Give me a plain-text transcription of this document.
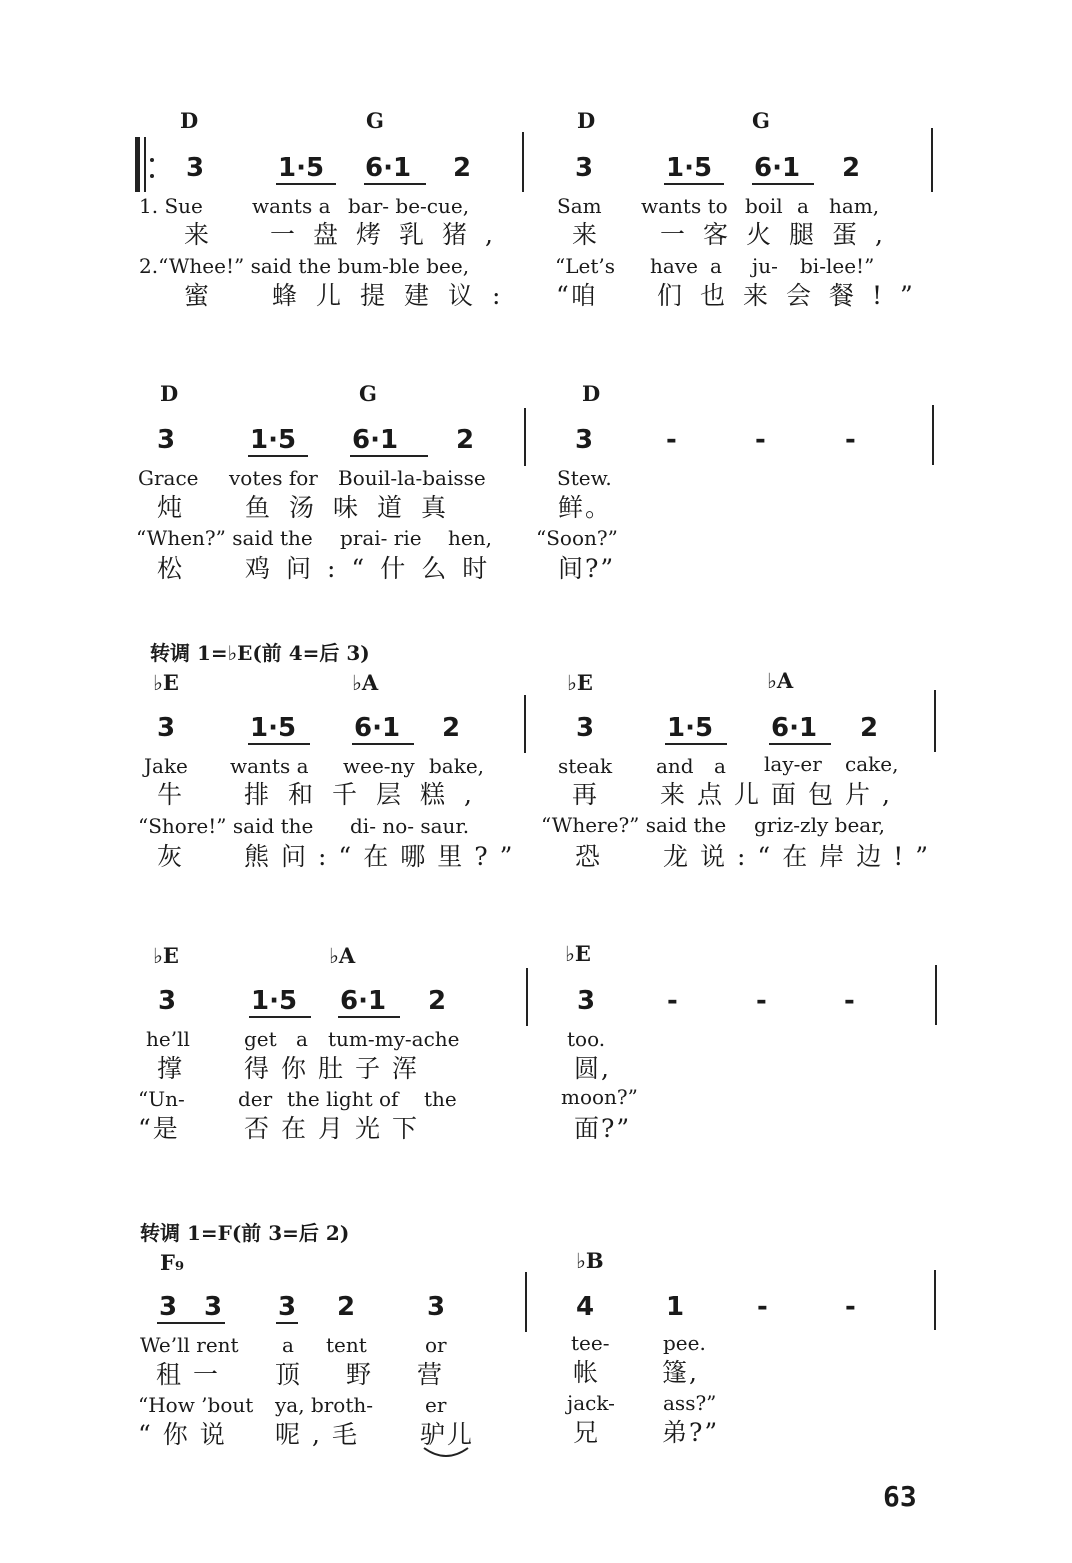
D	G	D	G
3	1·5 6·1 2	3	1·5 6·1 2
1. Sue wants a bar- be-cue,	Sam wants to boil a ham,
来 一盘烤乳猪, 来 一客火腿蛋,
2.“Whee!” said the bum-ble bee,	“Let’s have a ju- bi-lee!”
蜜 蜂儿提建议: “咱 们也来会餐!”
D	G	D
3	1·5 6·1 2	3	-	-	-
Grace votes for Bouil-la-baisse	Stew.
炖 鱼汤味道真	鲜。
“When?” said the prai- rie hen, “Soon?”
松 鸡问:“什么时 间?”
转调 1=♭E(前 4=后 3)
♭E	♭A	♭E	♭A
3	1·5 6·1 2	3	1·5 6·1 2
Jake wants a wee-ny bake,	steak and a lay-er cake,
牛 排和千层糕,	再 来点儿面包片,
“Shore!” said the di- no- saur.	“Where?” said the griz-zly bear,
灰 熊问:“在哪里?” 恐 龙说:“在岸边!”
♭E	♭A	♭E
3	1·5 6·1 2	3	-	-	-
he’ll	get a tum-my-ache	too.
撑 得你肚子浑	圆,
“Un-	der the light of the	moon?”
“是	否在月光下	面?”
转调 1=F(前 3=后 2)
F₉	♭B
3 3 3 2	3	4	1	-	-
We’ll rent a tent	or	tee-	pee.
租一 顶野营	帐 篷,
“How ’bout ya, broth-	er	jack- ass?”
“你说 呢,毛 驴儿	兄 弟?”
63
